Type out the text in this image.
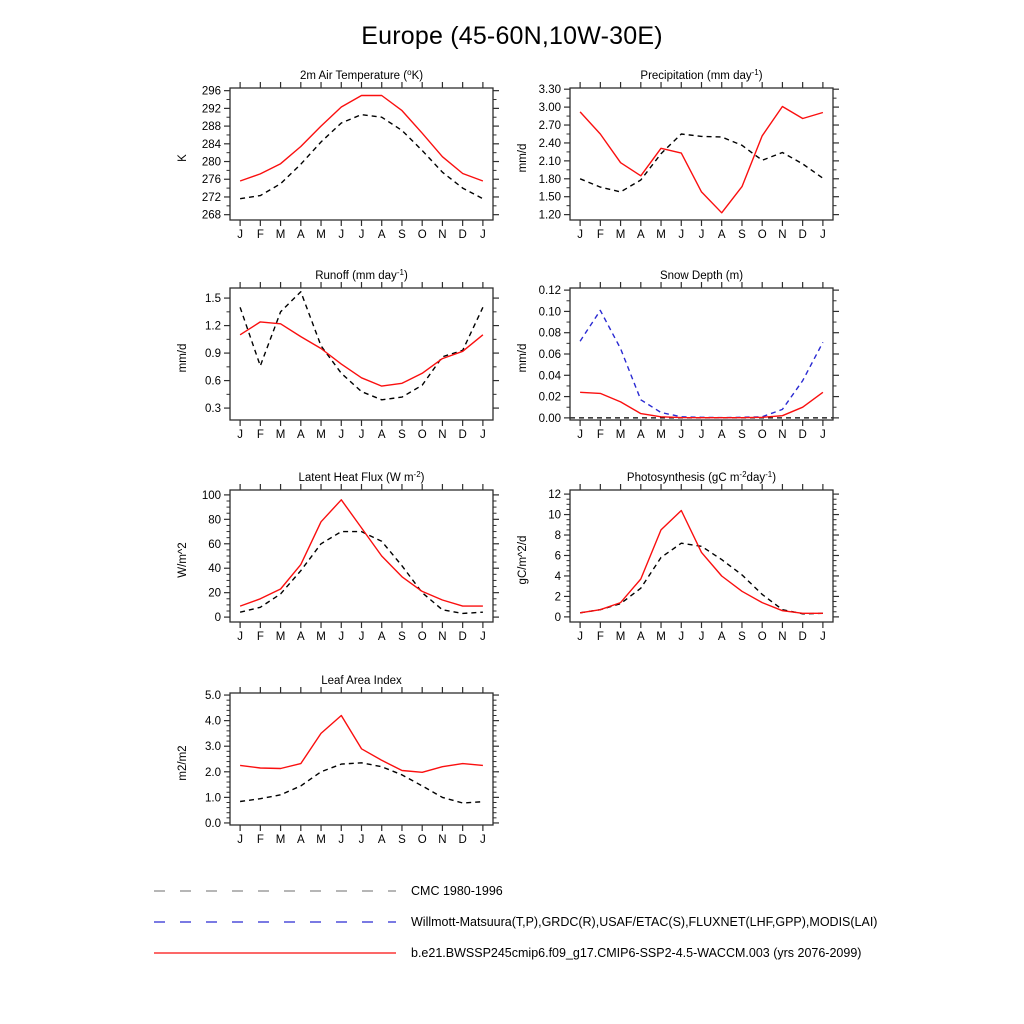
Europe (45-60N,10W-30E)
J F M A M J J A S O N D J
268
272
276
280
284
288
292
296
2m Air Temperature ($^o$K)
K
J F M A M J J A S O N D J
1.20
1.50
1.80
2.10
2.40
2.70
3.00
3.30
Precipitation (mm day$^{-1}$)
mm/d
J F M A M J J A S O N D J
0.3
0.6
0.9
1.2
1.5
Runoff (mm day$^{-1}$)
mm/d
J F M A M J J A S O N D J
0.00
0.02
0.04
0.06
0.08
0.10
0.12
Snow Depth (m)
mm/d
J F M A M J J A S O N D J
0
20
40
60
80
100
Latent Heat Flux (W $m^{-2}$)
W/m^2
J F M A M J J A S O N D J
0
2
4
6
8
10
12
Photosynthesis (gC $m^{-2}day^{-1}$)
gC/m^2/d
J F M A M J J A S O N D J
0.0
1.0
2.0
3.0
4.0
5.0
Leaf Area Index
m2/m2
CMC 1980-1996
Willmott-Matsuura(T,P),GRDC(R),USAF/ETAC(S),FLUXNET(LHF,GPP),MODIS(LAI)
b.e21.BWSSP245cmip6.f09_g17.CMIP6-SSP2-4.5-WACCM.003 (yrs 2076-2099)
